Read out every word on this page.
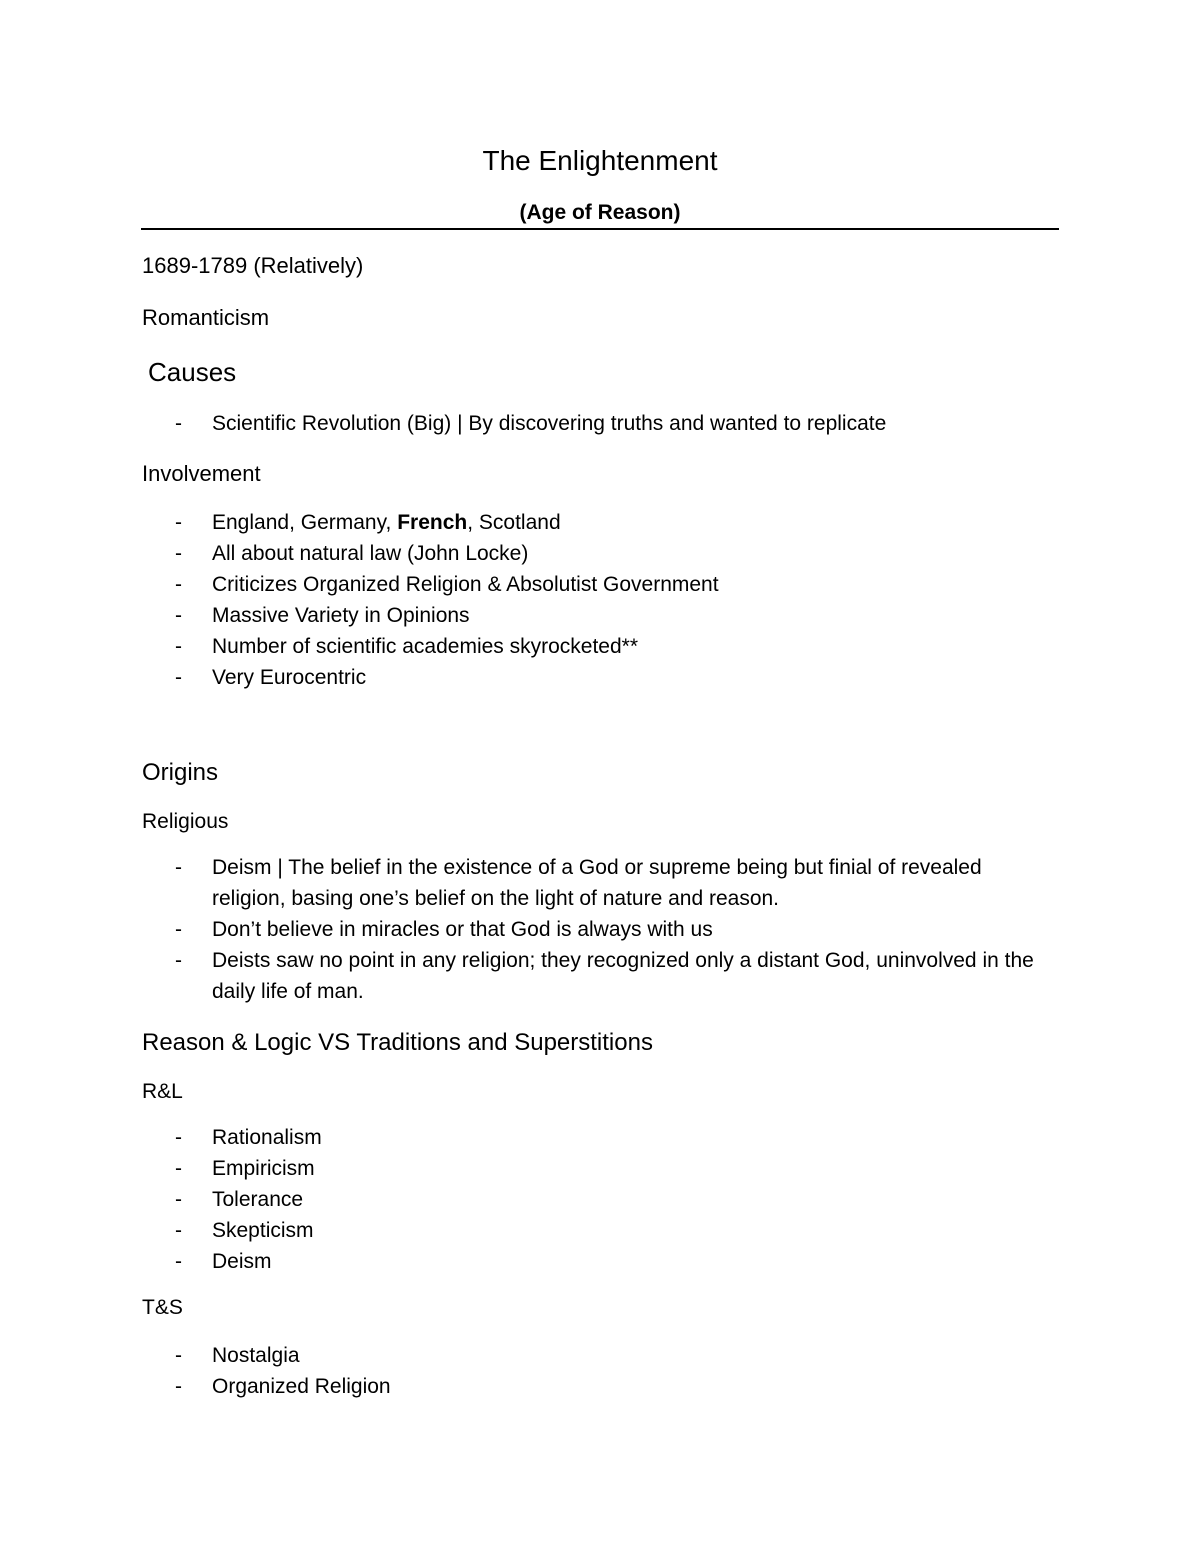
The Enlightenment
(Age of Reason)
1689-1789 (Relatively)
Romanticism
Causes
- Scientific Revolution (Big) | By discovering truths and wanted to replicate
Involvement
- England, Germany, French, Scotland
- All about natural law (John Locke)
- Criticizes Organized Religion & Absolutist Government
- Massive Variety in Opinions
- Number of scientific academies skyrocketed**
- Very Eurocentric
Origins
Religious
- Deism | The belief in the existence of a God or supreme being but finial of revealed
religion, basing one’s belief on the light of nature and reason.
- Don’t believe in miracles or that God is always with us
- Deists saw no point in any religion; they recognized only a distant God, uninvolved in the
daily life of man.
Reason & Logic VS Traditions and Superstitions
R&L
- Rationalism
- Empiricism
- Tolerance
- Skepticism
- Deism
T&S
- Nostalgia
- Organized Religion
